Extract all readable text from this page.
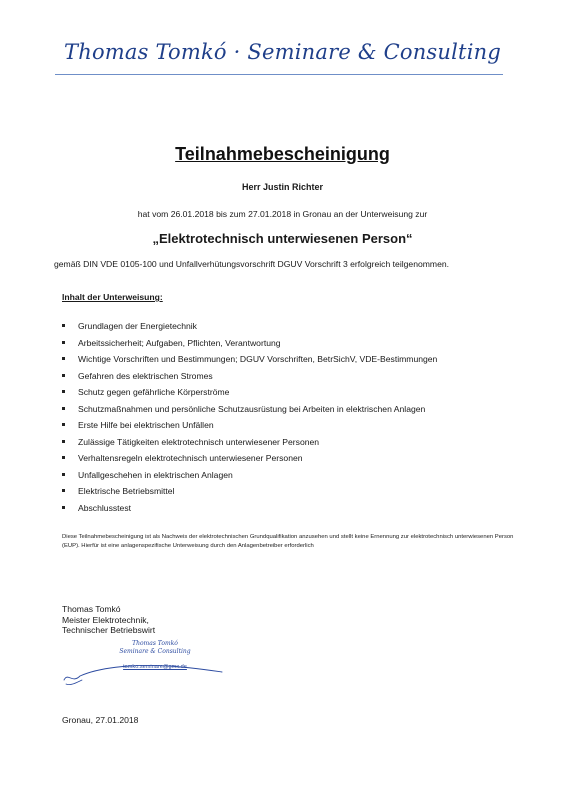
Thomas Tomkó · Seminare & Consulting
Teilnahmebescheinigung
Herr Justin Richter
hat vom 26.01.2018 bis zum 27.01.2018 in Gronau an der Unterweisung zur
„Elektrotechnisch unterwiesenen Person“
gemäß DIN VDE 0105-100 und Unfallverhütungsvorschrift DGUV Vorschrift 3 erfolgreich teilgenommen.
Inhalt der Unterweisung:
Grundlagen der Energietechnik
Arbeitssicherheit; Aufgaben, Pflichten, Verantwortung
Wichtige Vorschriften und Bestimmungen; DGUV Vorschriften, BetrSichV, VDE-Bestimmungen
Gefahren des elektrischen Stromes
Schutz gegen gefährliche Körperströme
Schutzmaßnahmen und persönliche Schutzausrüstung bei Arbeiten in elektrischen Anlagen
Erste Hilfe bei elektrischen Unfällen
Zulässige Tätigkeiten elektrotechnisch unterwiesener Personen
Verhaltensregeln elektrotechnisch unterwiesener Personen
Unfallgeschehen in elektrischen Anlagen
Elektrische Betriebsmittel
Abschlusstest
Diese Teilnahmebescheinigung ist als Nachweis der elektrotechnischen Grundqualifikation anzusehen und stellt keine Ernennung zur elektrotechnisch unterwiesenen Person (EUP). Hierfür ist eine anlagenspezifische Unterweisung durch den Anlagenbetreiber erforderlich
Thomas Tomkó
Meister Elektrotechnik,
Technischer Betriebswirt
Thomas Tomkó
Seminare & Consulting
tomko.seminare@gmx.de
Gronau, 27.01.2018
